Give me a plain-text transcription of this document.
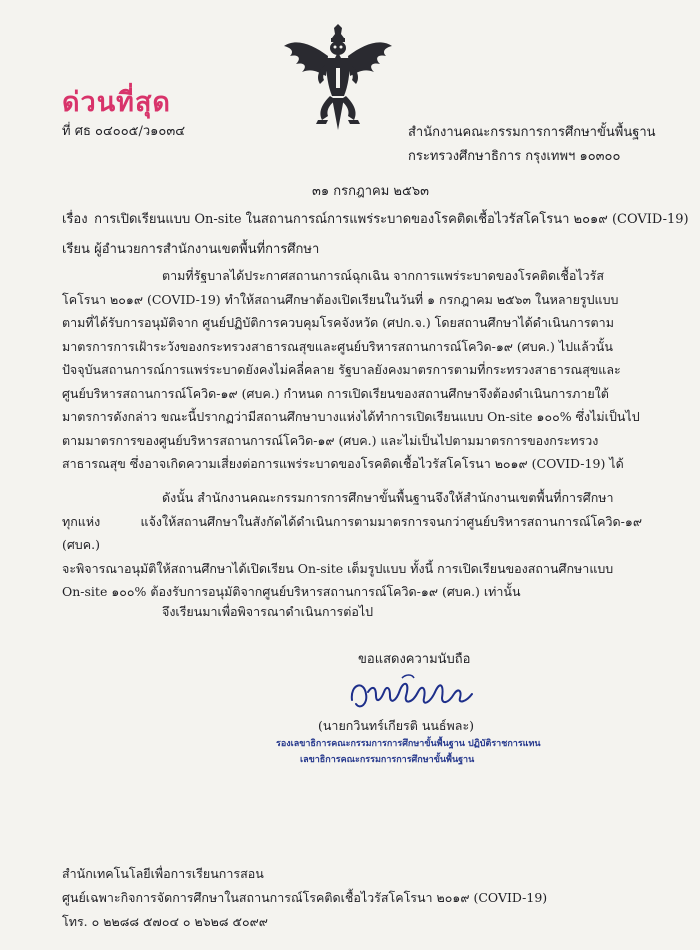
ด่วนที่สุด
ที่ ศธ ๐๔๐๐๕/ว๑๐๓๔	สำนักงานคณะกรรมการการศึกษาขั้นพื้นฐาน
กระทรวงศึกษาธิการ กรุงเทพฯ ๑๐๓๐๐
๓๑ กรกฎาคม ๒๕๖๓
เรื่อง การเปิดเรียนแบบ On-site ในสถานการณ์การแพร่ระบาดของโรคติดเชื้อไวรัสโคโรนา ๒๐๑๙ (COVID-19)
เรียน ผู้อำนวยการสำนักงานเขตพื้นที่การศึกษา
ตามที่รัฐบาลได้ประกาศสถานการณ์ฉุกเฉิน จากการแพร่ระบาดของโรคติดเชื้อไวรัส
โคโรนา ๒๐๑๙ (COVID-19) ทำให้สถานศึกษาต้องเปิดเรียนในวันที่ ๑ กรกฎาคม ๒๕๖๓ ในหลายรูปแบบ
ตามที่ได้รับการอนุมัติจาก ศูนย์ปฏิบัติการควบคุมโรคจังหวัด (ศปก.จ.) โดยสถานศึกษาได้ดำเนินการตาม
มาตรการการเฝ้าระวังของกระทรวงสาธารณสุขและศูนย์บริหารสถานการณ์โควิด-๑๙ (ศบค.) ไปแล้วนั้น
ปัจจุบันสถานการณ์การแพร่ระบาดยังคงไม่คลี่คลาย รัฐบาลยังคงมาตรการตามที่กระทรวงสาธารณสุขและ
ศูนย์บริหารสถานการณ์โควิด-๑๙ (ศบค.) กำหนด การเปิดเรียนของสถานศึกษาจึงต้องดำเนินการภายใต้
มาตรการดังกล่าว ขณะนี้ปรากฏว่ามีสถานศึกษาบางแห่งได้ทำการเปิดเรียนแบบ On-site ๑๐๐% ซึ่งไม่เป็นไป
ตามมาตรการของศูนย์บริหารสถานการณ์โควิด-๑๙ (ศบค.) และไม่เป็นไปตามมาตรการของกระทรวง
สาธารณสุข ซึ่งอาจเกิดความเสี่ยงต่อการแพร่ระบาดของโรคติดเชื้อไวรัสโคโรนา ๒๐๑๙ (COVID-19) ได้
ดังนั้น สำนักงานคณะกรรมการการศึกษาขั้นพื้นฐานจึงให้สำนักงานเขตพื้นที่การศึกษา
ทุกแห่ง แจ้งให้สถานศึกษาในสังกัดได้ดำเนินการตามมาตรการจนกว่าศูนย์บริหารสถานการณ์โควิด-๑๙ (ศบค.)
จะพิจารณาอนุมัติให้สถานศึกษาได้เปิดเรียน On-site เต็มรูปแบบ ทั้งนี้ การเปิดเรียนของสถานศึกษาแบบ
On-site ๑๐๐% ต้องรับการอนุมัติจากศูนย์บริหารสถานการณ์โควิด-๑๙ (ศบค.) เท่านั้น
จึงเรียนมาเพื่อพิจารณาดำเนินการต่อไป
ขอแสดงความนับถือ
(นายกวินทร์เกียรติ นนธ์พละ)
รองเลขาธิการคณะกรรมการการศึกษาขั้นพื้นฐาน ปฏิบัติราชการแทน
เลขาธิการคณะกรรมการการศึกษาขั้นพื้นฐาน
สำนักเทคโนโลยีเพื่อการเรียนการสอน
ศูนย์เฉพาะกิจการจัดการศึกษาในสถานการณ์โรคติดเชื้อไวรัสโคโรนา ๒๐๑๙ (COVID-19)
โทร. ๐ ๒๒๘๘ ๕๗๐๔ ๐ ๒๖๒๘ ๕๐๙๙
